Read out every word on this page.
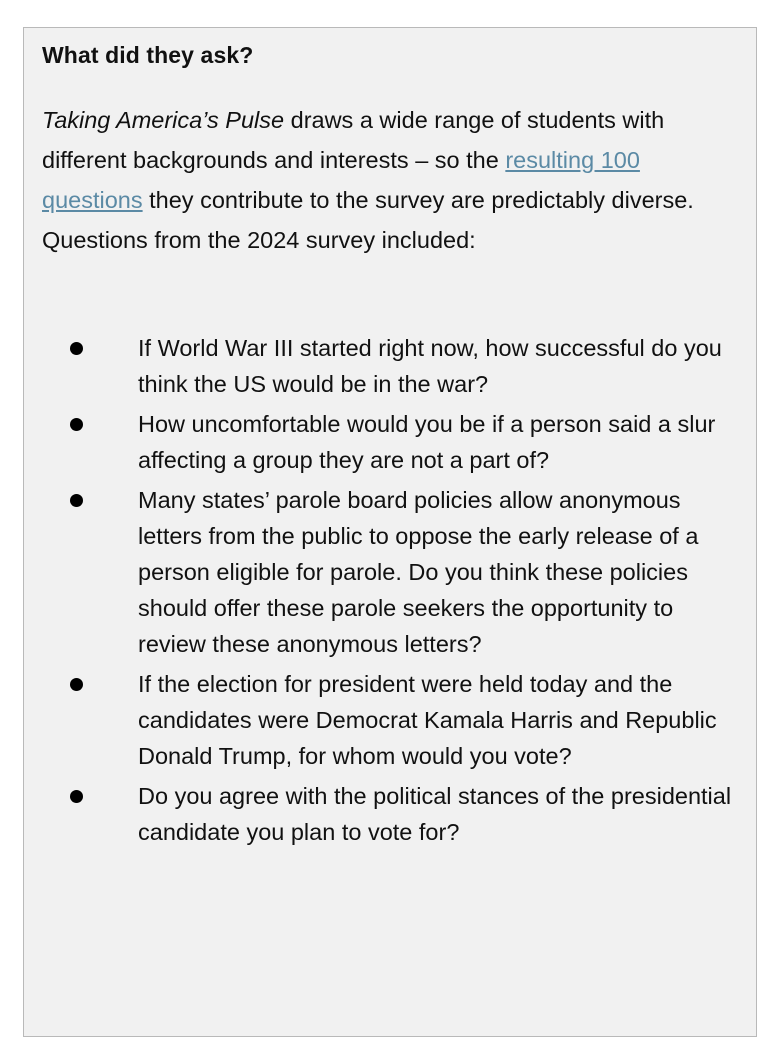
What did they ask?

Taking America’s Pulse draws a wide range of students with different backgrounds and interests – so the resulting 100 questions they contribute to the survey are predictably diverse. Questions from the 2024 survey included:

If World War III started right now, how successful do you think the US would be in the war?
How uncomfortable would you be if a person said a slur affecting a group they are not a part of?
Many states’ parole board policies allow anonymous letters from the public to oppose the early release of a person eligible for parole. Do you think these policies should offer these parole seekers the opportunity to review these anonymous letters?
If the election for president were held today and the candidates were Democrat Kamala Harris and Republic Donald Trump, for whom would you vote?
Do you agree with the political stances of the presidential candidate you plan to vote for?
